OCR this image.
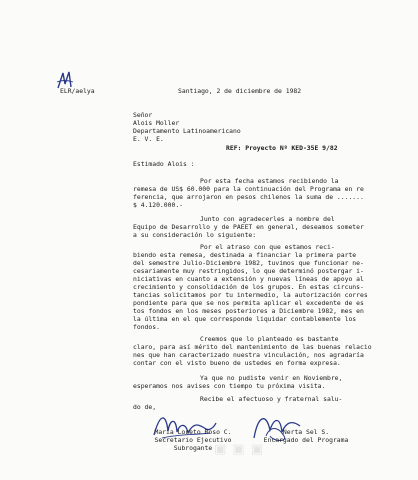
ELR/aelya	Santiago, 2 de diciembre de 1982
Señor
Alois Moller
Departamento Latinoamericano
E. V. E.
REF: Proyecto Nº KED-35E 9/82
Estimado Alois :
Por esta fecha estamos recibiendo la
remesa de US$ 60.000 para la continuación del Programa en re
ferencia, que arrojaron en pesos chilenos la suma de .......
$ 4.120.000.-
Junto con agradecerles a nombre del
Equipo de Desarrollo y de PAEET en general, deseamos someter
a su consideración lo siguiente:
Por el atraso con que estamos reci-
biendo esta remesa, destinada a financiar la primera parte
del semestre Julio-Diciembre 1982, tuvimos que funcionar ne-
cesariamente muy restringidos, lo que determinó postergar i-
niciativas en cuanto a extensión y nuevas líneas de apoyo al
crecimiento y consolidación de los grupos. En estas circuns-
tancias solicitamos por tu intermedio, la autorización corres
pondiente para que se nos permita aplicar el excedente de es
tos fondos en los meses posteriores a Diciembre 1982, mes en
la última en el que corresponde liquidar contablemente los
fondos.
Creemos que lo planteado es bastante
claro, para así mérito del mantenimiento de las buenas relacio
nes que han caracterizado nuestra vinculación, nos agradaría
contar con el visto bueno de ustedes en forma expresa.
Ya que no pudiste venir en Noviembre,
esperamos nos avises con tiempo tu próxima visita.
Recibe el afectuoso y fraternal salu-
do de,
▣ ▣ ▣
María Loreto Roso C.
Secretario Ejecutivo
Subrogante
Nerta Sel S.
Encargado del Programa
